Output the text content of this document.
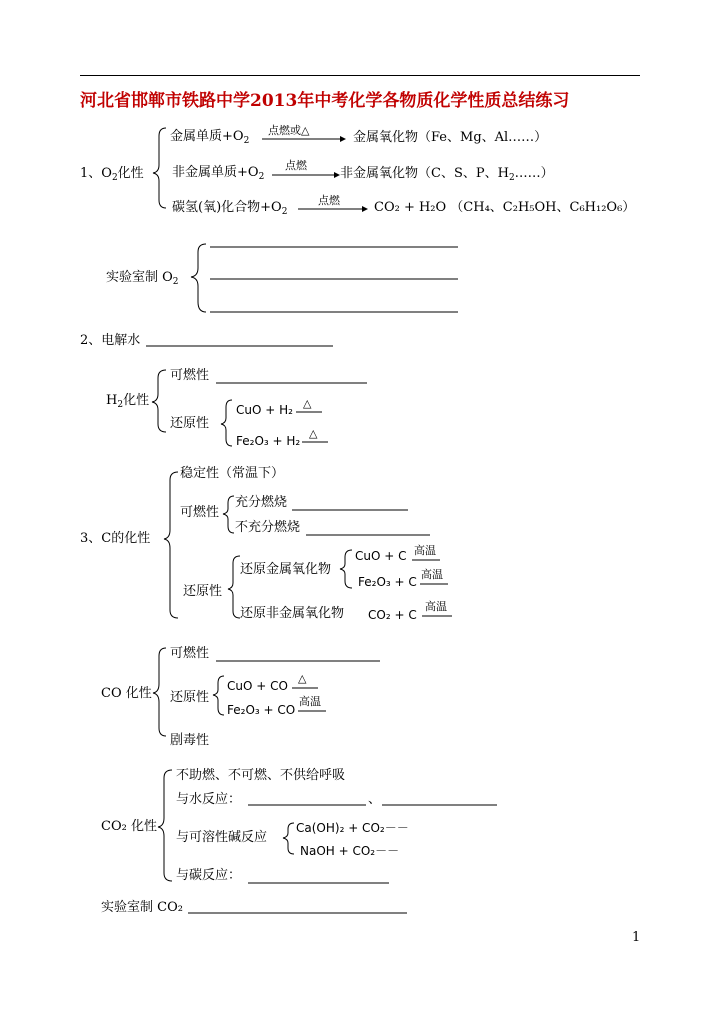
河北省邯郸市铁路中学2013年中考化学各物质化学性质总结练习
1、$O_2$化性
金属单质$+O_2$
点燃或△	金属氧化物（Fe、Mg、Al……）
非金属单质$+O_2$
点燃
非金属氧化物（C、S、P、$H_2\dots\dots$）
碳氢(氧)化合物$+O_2$
点燃	CO₂ + H₂O （CH₄、C₂H₅OH、C₆H₁₂O₆）
实验室制 $O_2$
2、电解水
$H_2$化性
可燃性
还原性
CuO + H₂ △
Fe₂O₃ + H₂
△
3、C的化性
稳定性（常温下）
可燃性
充分燃烧
不充分燃烧
还原性
还原金属氧化物
CuO + C 高温
Fe₂O₃ + C
高温
还原非金属氧化物 CO₂ + C
高温
CO 化性
可燃性
还原性
CuO + CO
△
Fe₂O₃ + CO
高温
剧毒性
CO₂ 化性
不助燃、不可燃、不供给呼吸
与水反应：	、
与可溶性碱反应
Ca(OH)₂ + CO₂－－
NaOH + CO₂－－
与碳反应：
实验室制 CO₂
1
